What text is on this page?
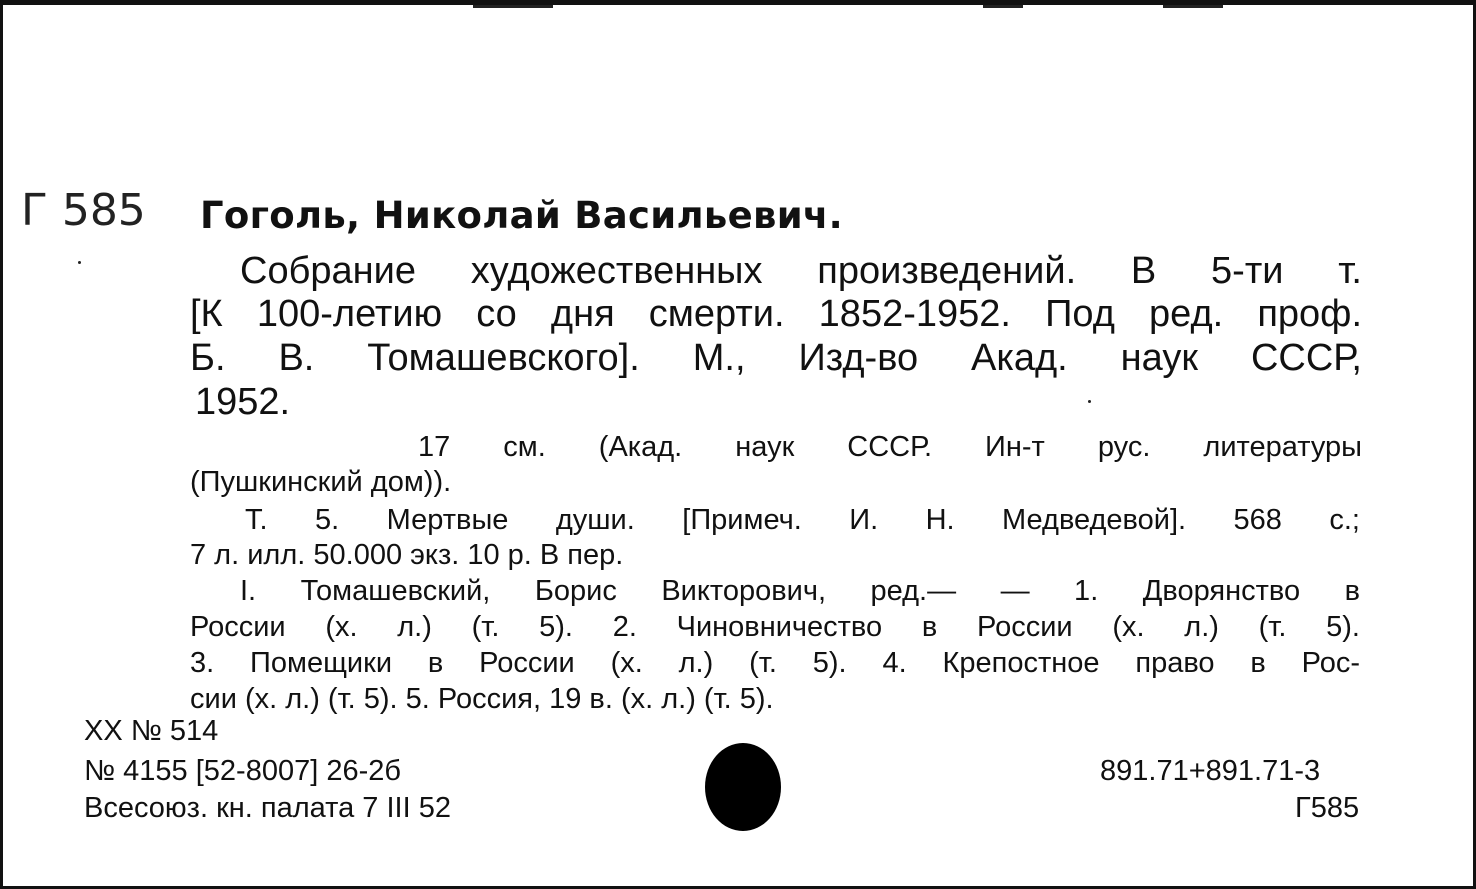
Г 585 Гоголь, Николай Васильевич.
Собрание художественных произведений. В 5-ти т.
[К 100-летию со дня смерти. 1852-1952. Под ред. проф.
Б. В. Томашевского]. М., Изд-во Акад. наук СССР,
1952.
17 см. (Акад. наук СССР. Ин-т рус. литературы
(Пушкинский дом)).
Т. 5. Мертвые души. [Примеч. И. Н. Медведевой]. 568 с.;
7 л. илл. 50.000 экз. 10 р. В пер.
I. Томашевский, Борис Викторович, ред.— — 1. Дворянство в
России (х. л.) (т. 5). 2. Чиновничество в России (х. л.) (т. 5).
3. Помещики в России (х. л.) (т. 5). 4. Крепостное право в Рос-
сии (х. л.) (т. 5). 5. Россия, 19 в. (х. л.) (т. 5).
XX № 514
№ 4155 [52-8007] 26-2б
Всесоюз. кн. палата 7 III 52
891.71+891.71-3
Г585
